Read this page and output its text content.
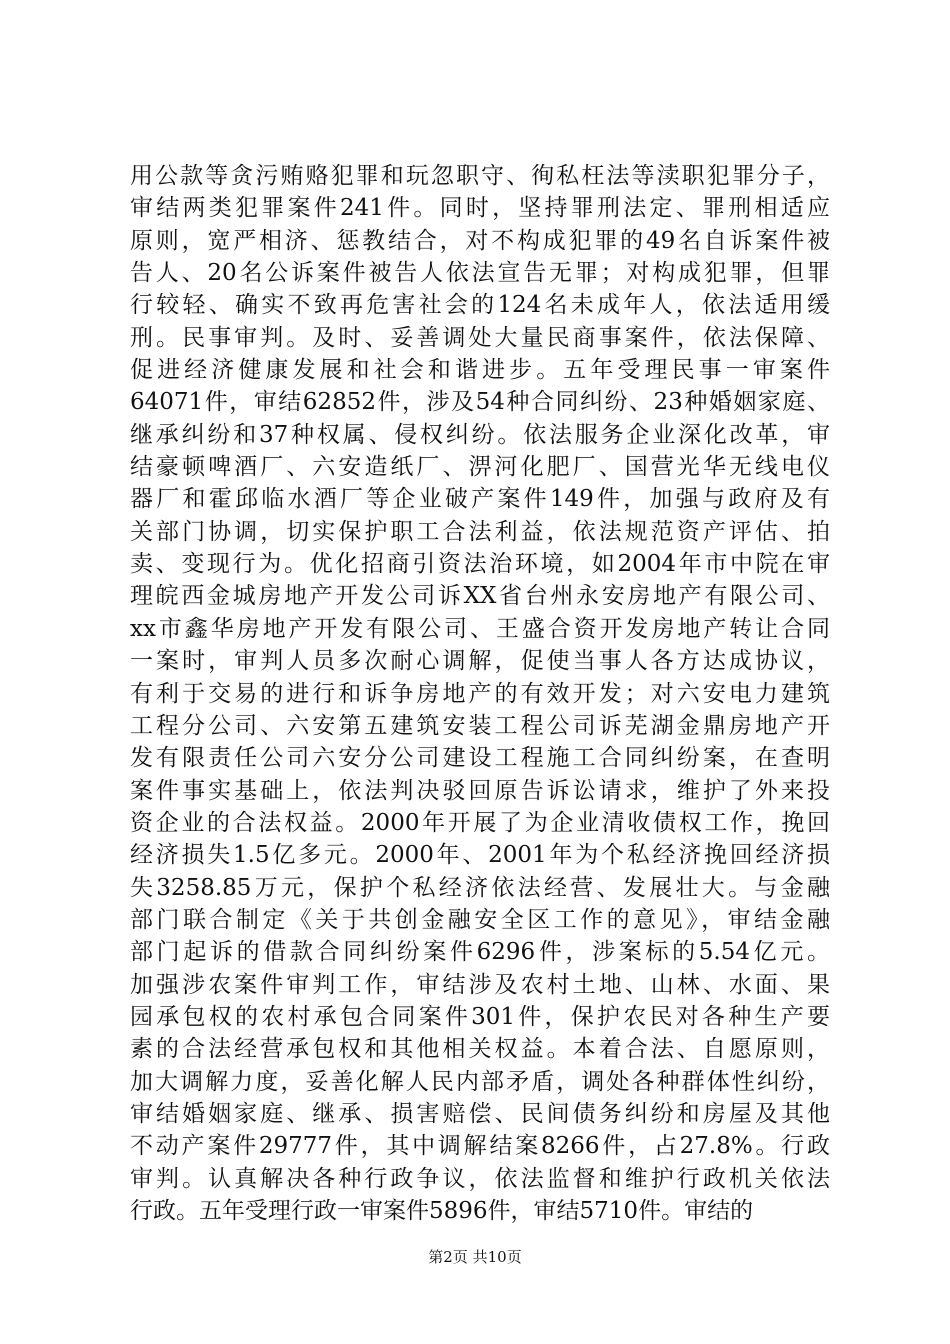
用公款等贪污贿赂犯罪和玩忽职守、徇私枉法等渎职犯罪分子，
审结两类犯罪案件241件。同时，坚持罪刑法定、罪刑相适应
原则，宽严相济、惩教结合，对不构成犯罪的49名自诉案件被
告人、20名公诉案件被告人依法宣告无罪；对构成犯罪，但罪
行较轻、确实不致再危害社会的124名未成年人，依法适用缓
刑。民事审判。及时、妥善调处大量民商事案件，依法保障、
促进经济健康发展和社会和谐进步。五年受理民事一审案件
64071件，审结62852件，涉及54种合同纠纷、23种婚姻家庭、
继承纠纷和37种权属、侵权纠纷。依法服务企业深化改革，审
结豪顿啤酒厂、六安造纸厂、淠河化肥厂、国营光华无线电仪
器厂和霍邱临水酒厂等企业破产案件149件，加强与政府及有
关部门协调，切实保护职工合法利益，依法规范资产评估、拍
卖、变现行为。优化招商引资法治环境，如2004年市中院在审
理皖西金城房地产开发公司诉XX省台州永安房地产有限公司、
xx市鑫华房地产开发有限公司、王盛合资开发房地产转让合同
一案时，审判人员多次耐心调解，促使当事人各方达成协议，
有利于交易的进行和诉争房地产的有效开发；对六安电力建筑
工程分公司、六安第五建筑安装工程公司诉芜湖金鼎房地产开
发有限责任公司六安分公司建设工程施工合同纠纷案，在查明
案件事实基础上，依法判决驳回原告诉讼请求，维护了外来投
资企业的合法权益。2000年开展了为企业清收债权工作，挽回
经济损失1.5亿多元。2000年、2001年为个私经济挽回经济损
失3258.85万元，保护个私经济依法经营、发展壮大。与金融
部门联合制定《关于共创金融安全区工作的意见》，审结金融
部门起诉的借款合同纠纷案件6296件，涉案标的5.54亿元。
加强涉农案件审判工作，审结涉及农村土地、山林、水面、果
园承包权的农村承包合同案件301件，保护农民对各种生产要
素的合法经营承包权和其他相关权益。本着合法、自愿原则，
加大调解力度，妥善化解人民内部矛盾，调处各种群体性纠纷，
审结婚姻家庭、继承、损害赔偿、民间债务纠纷和房屋及其他
不动产案件29777件，其中调解结案8266件，占27.8%。行政
审判。认真解决各种行政争议，依法监督和维护行政机关依法
行政。五年受理行政一审案件5896件，审结5710件。审结的
第2页 共10页
